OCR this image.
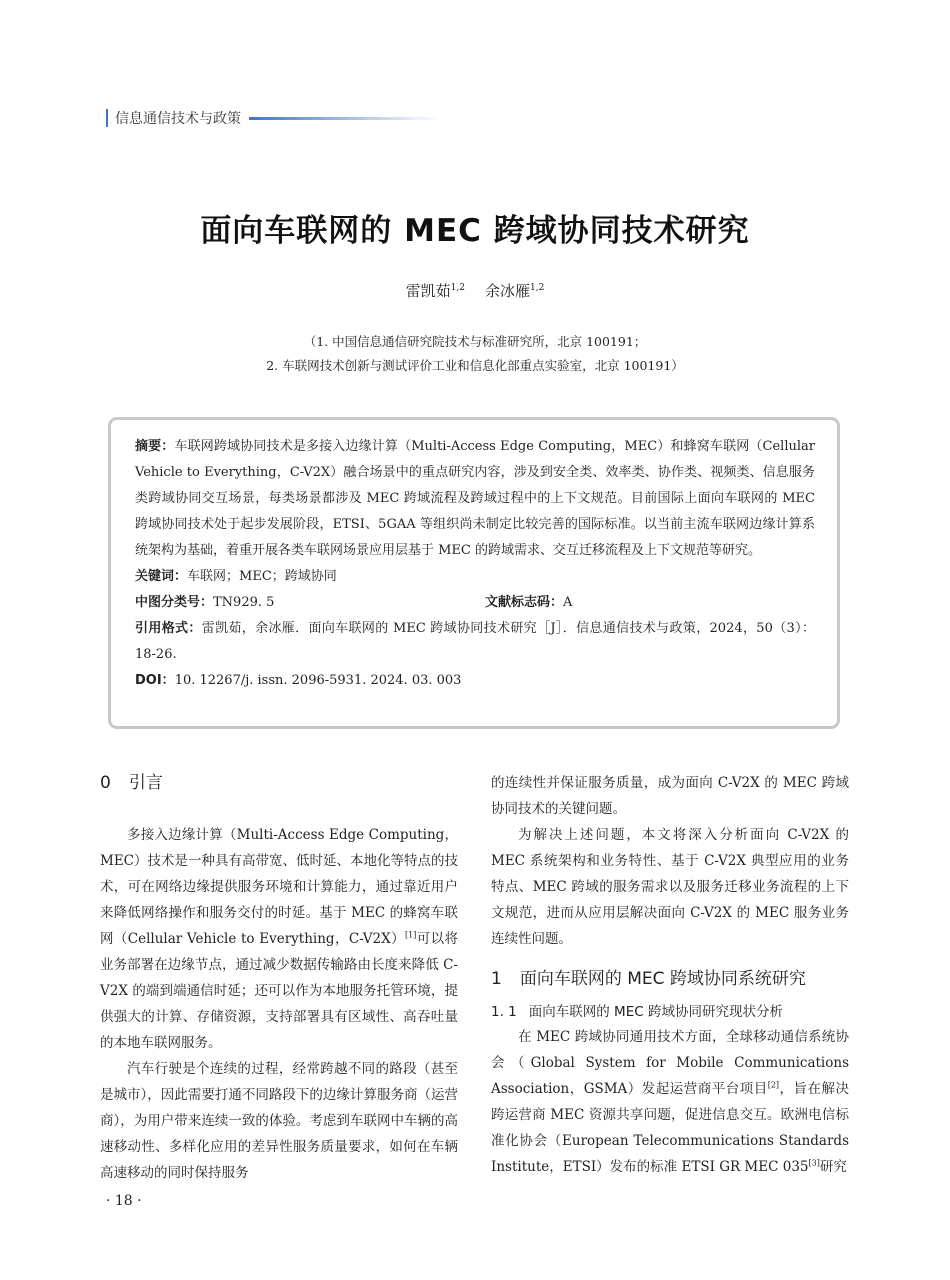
信息通信技术与政策
面向车联网的 MEC 跨域协同技术研究
雷凯茹$^{1,2}$ 余冰雁$^{1,2}$
（1. 中国信息通信研究院技术与标准研究所，北京 100191；
2. 车联网技术创新与测试评价工业和信息化部重点实验室，北京 100191）

摘要：车联网跨域协同技术是多接入边缘计算（Multi-Access Edge Computing，MEC）和蜂窝车联网（Cellular Vehicle to Everything，C-V2X）融合场景中的重点研究内容，涉及到安全类、效率类、协作类、视频类、信息服务类跨域协同交互场景，每类场景都涉及 MEC 跨域流程及跨域过程中的上下文规范。目前国际上面向车联网的 MEC 跨域协同技术处于起步发展阶段，ETSI、5GAA 等组织尚未制定比较完善的国际标准。以当前主流车联网边缘计算系统架构为基础，着重开展各类车联网场景应用层基于 MEC 的跨域需求、交互迁移流程及上下文规范等研究。

关键词：车联网；MEC；跨域协同

中图分类号：TN929. 5	文献标志码：A

引用格式：雷凯茹，余冰雁．面向车联网的 MEC 跨域协同技术研究［J］．信息通信技术与政策，2024，50（3）：18-26.

DOI：10. 12267/j. issn. 2096-5931. 2024. 03. 003

0 引言

多接入边缘计算（Multi-Access Edge Computing，MEC）技术是一种具有高带宽、低时延、本地化等特点的技术，可在网络边缘提供服务环境和计算能力，通过靠近用户来降低网络操作和服务交付的时延。基于 MEC 的蜂窝车联网（Cellular Vehicle to Everything，C-V2X）[1]可以将业务部署在边缘节点，通过减少数据传输路由长度来降低 C-V2X 的端到端通信时延；还可以作为本地服务托管环境，提供强大的计算、存储资源，支持部署具有区域性、高吞吐量的本地车联网服务。

汽车行驶是个连续的过程，经常跨越不同的路段（甚至是城市），因此需要打通不同路段下的边缘计算服务商（运营商），为用户带来连续一致的体验。考虑到车联网中车辆的高速移动性、多样化应用的差异性服务质量要求，如何在车辆高速移动的同时保持服务

的连续性并保证服务质量，成为面向 C-V2X 的 MEC 跨域协同技术的关键问题。

为解决上述问题，本文将深入分析面向 C-V2X 的 MEC 系统架构和业务特性、基于 C-V2X 典型应用的业务特点、MEC 跨域的服务需求以及服务迁移业务流程的上下文规范，进而从应用层解决面向 C-V2X 的 MEC 服务业务连续性问题。

1 面向车联网的 MEC 跨域协同系统研究
1. 1 面向车联网的 MEC 跨域协同研究现状分析

在 MEC 跨域协同通用技术方面，全球移动通信系统协会（Global System for Mobile Communications Association，GSMA）发起运营商平台项目[2]，旨在解决跨运营商 MEC 资源共享问题，促进信息交互。欧洲电信标准化协会（European Telecommunications Standards Institute，ETSI）发布的标准 ETSI GR MEC 035[3]研究

· 18 ·
